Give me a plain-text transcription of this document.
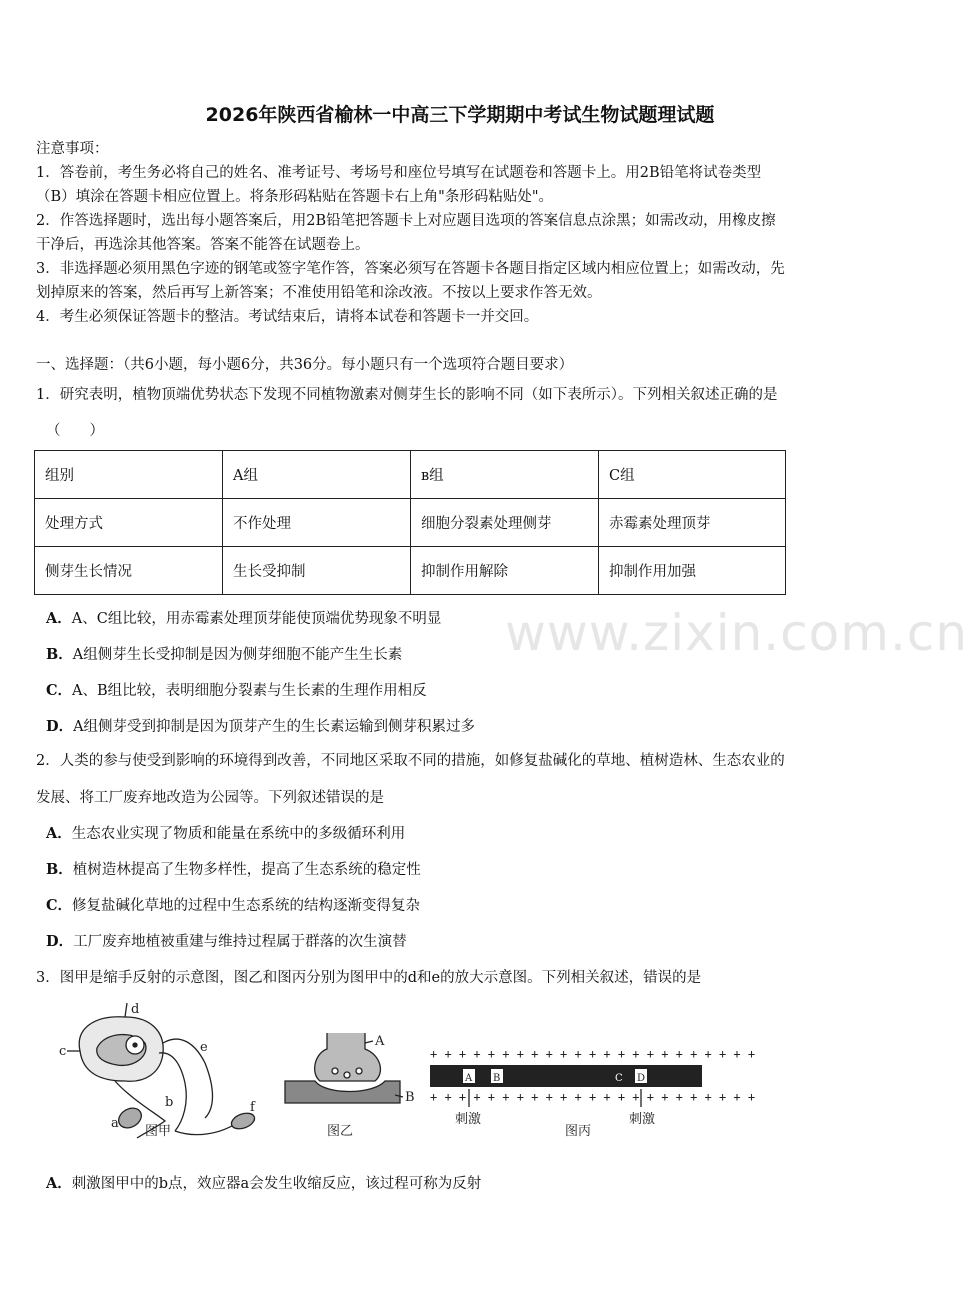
2026年陕西省榆林一中高三下学期期中考试生物试题理试题
注意事项：
1．答卷前，考生务必将自己的姓名、准考证号、考场号和座位号填写在试题卷和答题卡上。用2B铅笔将试卷类型
（B）填涂在答题卡相应位置上。将条形码粘贴在答题卡右上角"条形码粘贴处"。
2．作答选择题时，选出每小题答案后，用2B铅笔把答题卡上对应题目选项的答案信息点涂黑；如需改动，用橡皮擦
干净后，再选涂其他答案。答案不能答在试题卷上。
3．非选择题必须用黑色字迹的钢笔或签字笔作答，答案必须写在答题卡各题目指定区域内相应位置上；如需改动，先
划掉原来的答案，然后再写上新答案；不准使用铅笔和涂改液。不按以上要求作答无效。
4．考生必须保证答题卡的整洁。考试结束后，请将本试卷和答题卡一并交回。
一、选择题：（共6小题，每小题6分，共36分。每小题只有一个选项符合题目要求）
1．研究表明，植物顶端优势状态下发现不同植物激素对侧芽生长的影响不同（如下表所示）。下列相关叙述正确的是
（　　）
组别	A组	в组	C组
处理方式	不作处理	细胞分裂素处理侧芽	赤霉素处理顶芽
侧芽生长情况	生长受抑制	抑制作用解除	抑制作用加强
www.zixin.com.cn
A．A、C组比较，用赤霉素处理顶芽能使顶端优势现象不明显
B．A组侧芽生长受抑制是因为侧芽细胞不能产生生长素
C．A、B组比较，表明细胞分裂素与生长素的生理作用相反
D．A组侧芽受到抑制是因为顶芽产生的生长素运输到侧芽积累过多
2．人类的参与使受到影响的环境得到改善，不同地区采取不同的措施，如修复盐碱化的草地、植树造林、生态农业的
发展、将工厂废弃地改造为公园等。下列叙述错误的是
A．生态农业实现了物质和能量在系统中的多级循环利用
B．植树造林提高了生物多样性，提高了生态系统的稳定性
C．修复盐碱化草地的过程中生态系统的结构逐渐变得复杂
D．工厂废弃地植被重建与维持过程属于群落的次生演替
3．图甲是缩手反射的示意图，图乙和图丙分别为图甲中的d和e的放大示意图。下列相关叙述，错误的是
c
d
e
f
b
a
图甲
A
B
图乙
+ + + + + + + + + + + + + + + + + + + + + + +
+ + + + + + + + + + + + + + + + + + + + + + +
A B	C D
刺激	刺激
图丙
A．刺激图甲中的b点，效应器a会发生收缩反应，该过程可称为反射
